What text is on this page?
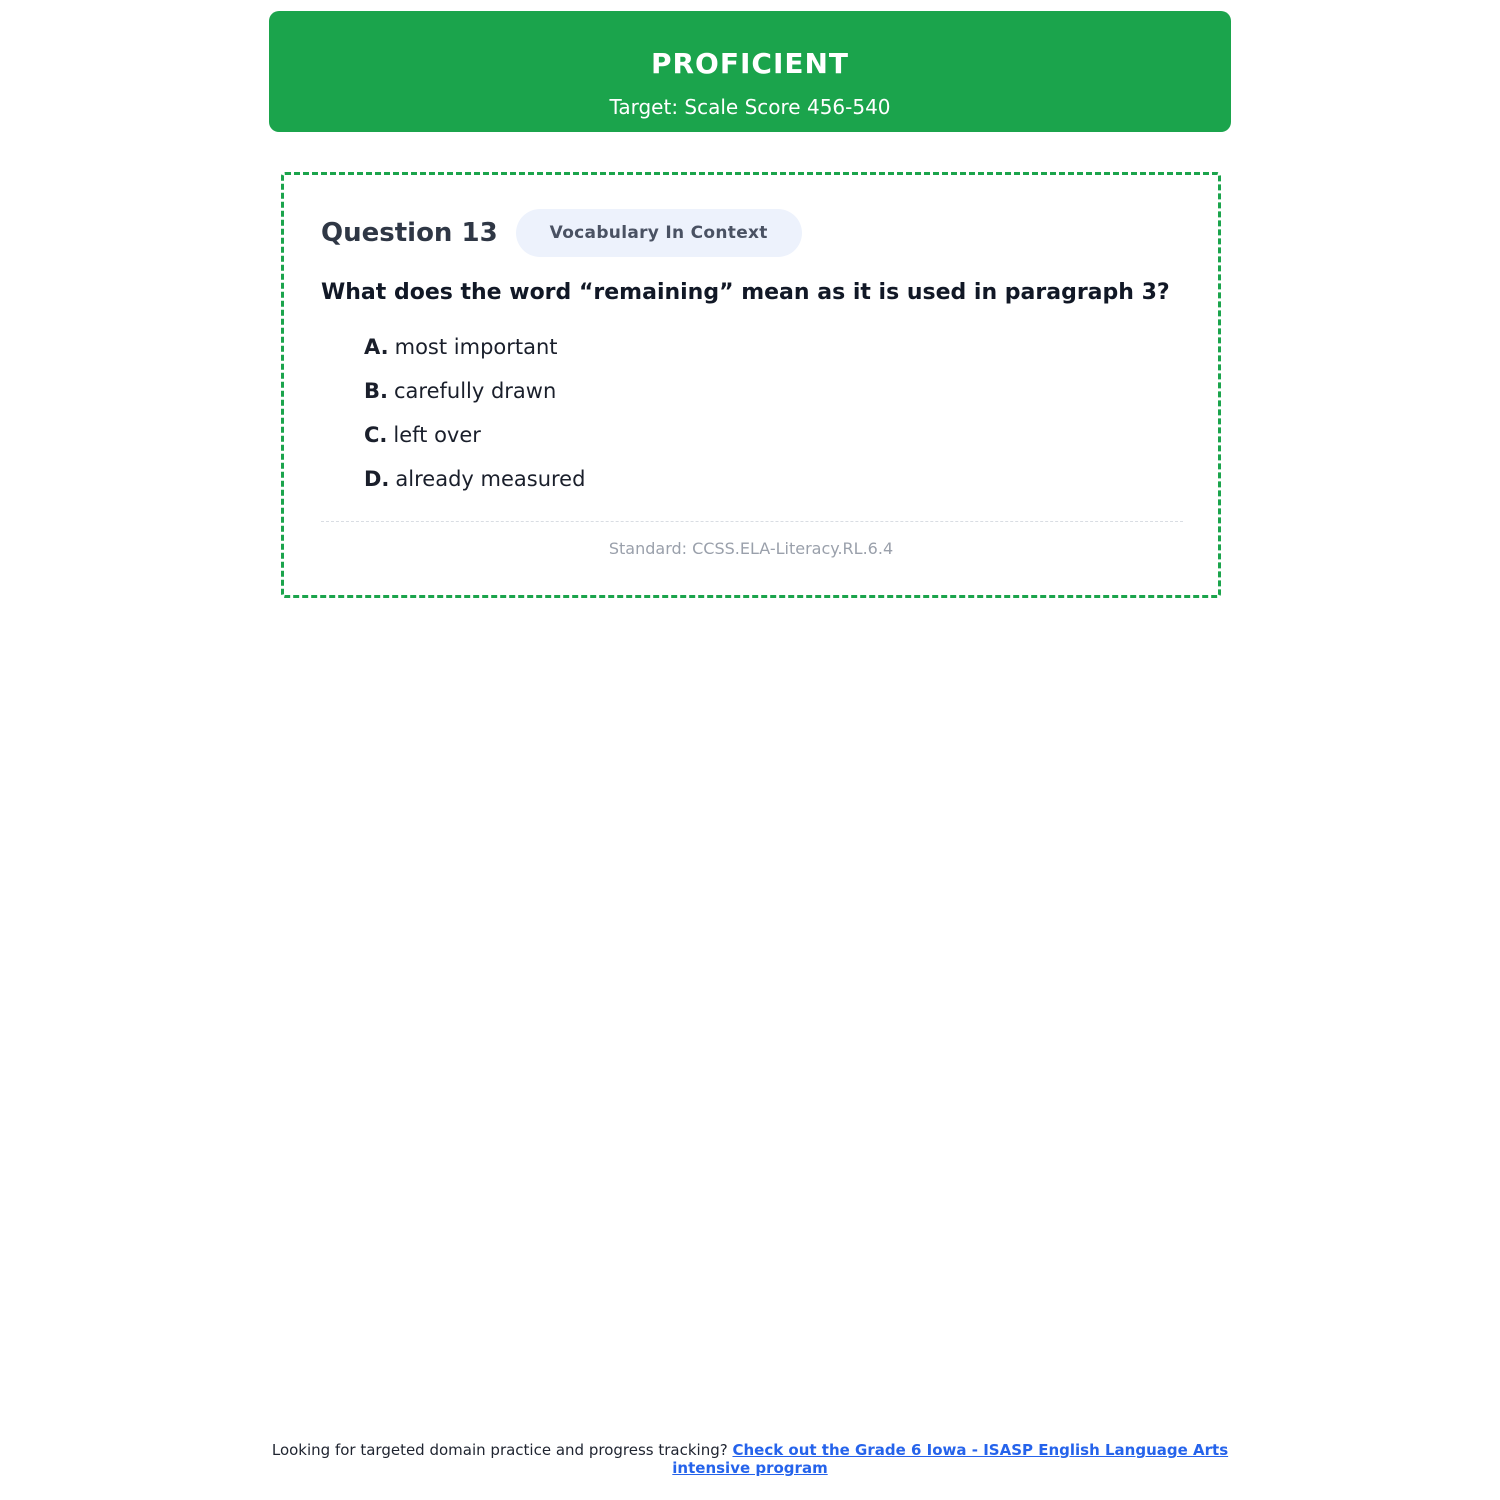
PROFICIENT
Target: Scale Score 456-540
Question 13	Vocabulary In Context
What does the word “remaining” mean as it is used in paragraph 3?
A. most important
B. carefully drawn
C. left over
D. already measured
Standard: CCSS.ELA-Literacy.RL.6.4
Looking for targeted domain practice and progress tracking? Check out the Grade 6 Iowa - ISASP English Language Arts intensive program
